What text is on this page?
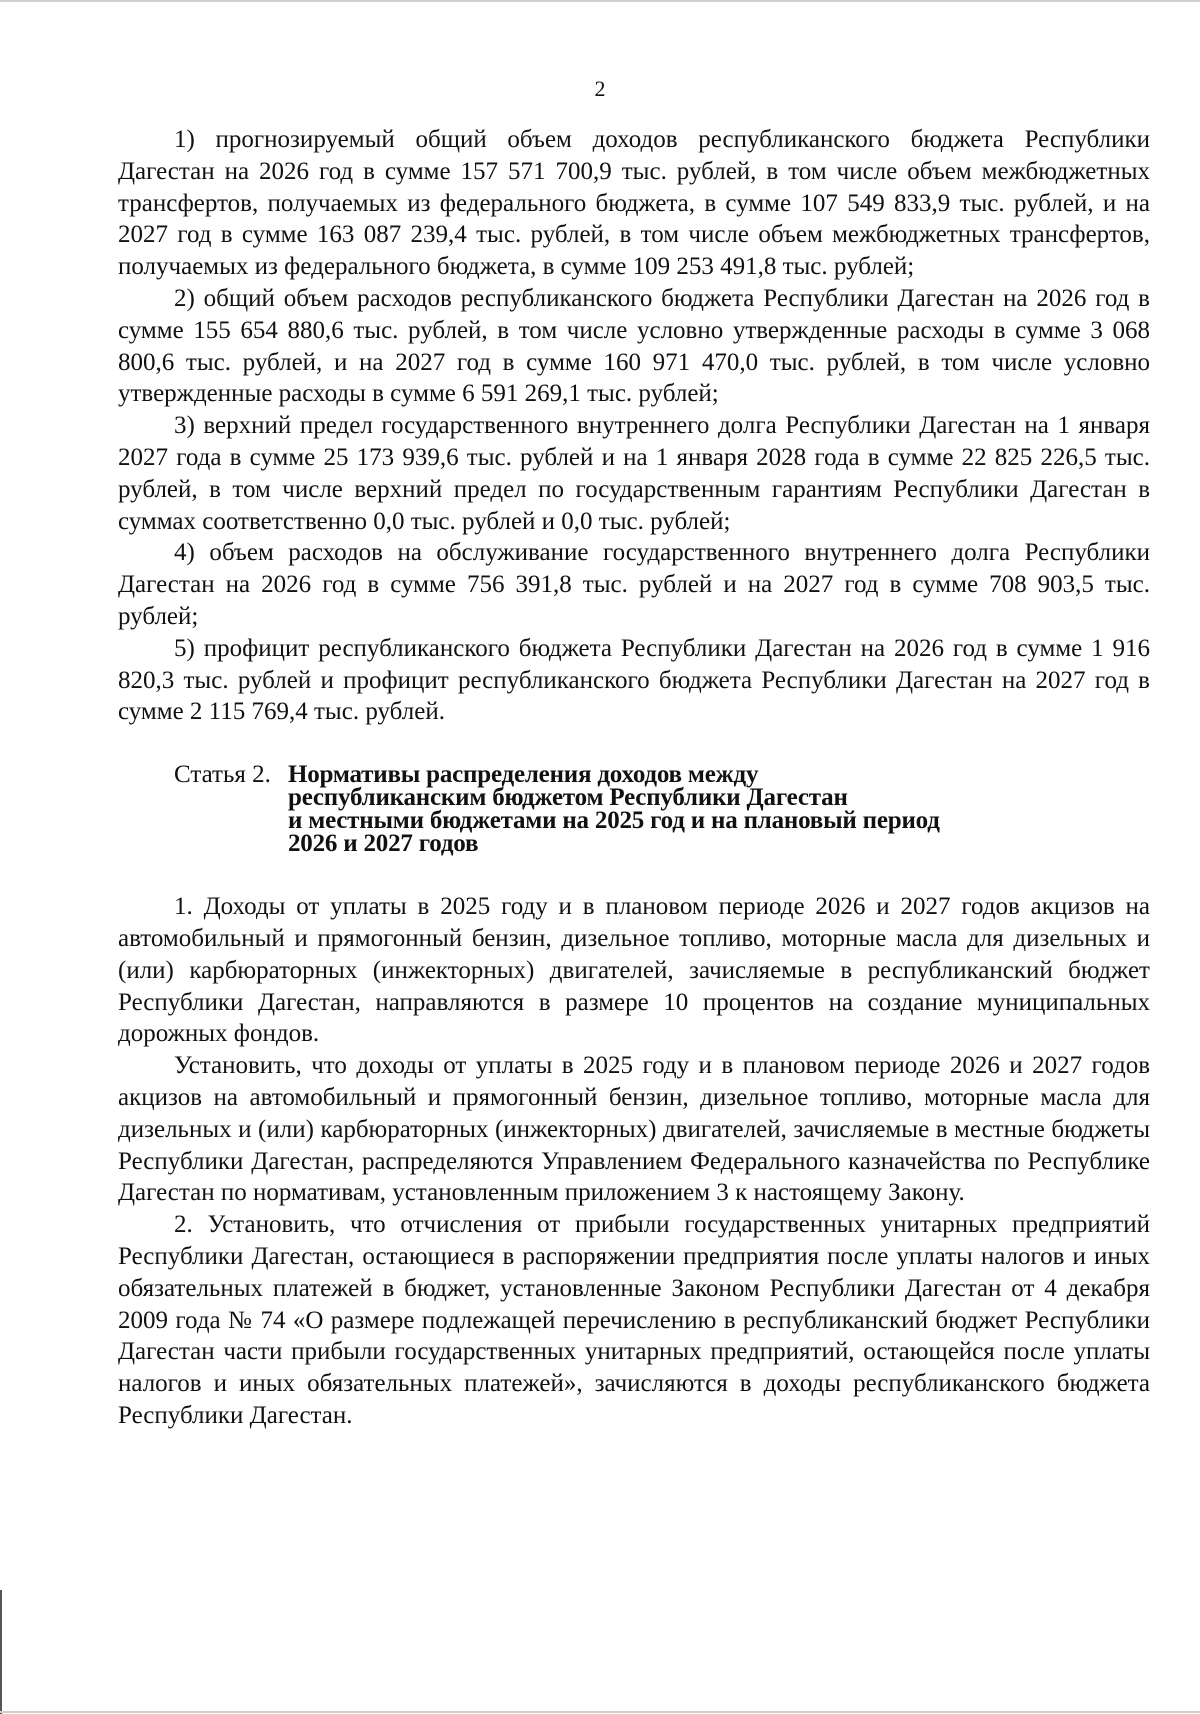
2

1) прогнозируемый общий объем доходов республиканского бюджета Республики Дагестан на 2026 год в сумме 157 571 700,9 тыс. рублей, в том числе объем межбюджетных трансфертов, получаемых из федерального бюджета, в сумме 107 549 833,9 тыс. рублей, и на 2027 год в сумме 163 087 239,4 тыс. рублей, в том числе объем межбюджетных трансфертов, получаемых из федерального бюджета, в сумме 109 253 491,8 тыс. рублей;

2) общий объем расходов республиканского бюджета Республики Дагестан на 2026 год в сумме 155 654 880,6 тыс. рублей, в том числе условно утвержденные расходы в сумме 3 068 800,6 тыс. рублей, и на 2027 год в сумме 160 971 470,0 тыс. рублей, в том числе условно утвержденные расходы в сумме 6 591 269,1 тыс. рублей;

3) верхний предел государственного внутреннего долга Республики Дагестан на 1 января 2027 года в сумме 25 173 939,6 тыс. рублей и на 1 января 2028 года в сумме 22 825 226,5 тыс. рублей, в том числе верхний предел по государственным гарантиям Республики Дагестан в суммах соответственно 0,0 тыс. рублей и 0,0 тыс. рублей;

4) объем расходов на обслуживание государственного внутреннего долга Республики Дагестан на 2026 год в сумме 756 391,8 тыс. рублей и на 2027 год в сумме 708 903,5 тыс. рублей;

5) профицит республиканского бюджета Республики Дагестан на 2026 год в сумме 1 916 820,3 тыс. рублей и профицит республиканского бюджета Республики Дагестан на 2027 год в сумме 2 115 769,4 тыс. рублей.

Статья 2. Нормативы распределения доходов между
республиканским бюджетом Республики Дагестан
и местными бюджетами на 2025 год и на плановый период
2026 и 2027 годов

1. Доходы от уплаты в 2025 году и в плановом периоде 2026 и 2027 годов акцизов на автомобильный и прямогонный бензин, дизельное топливо, моторные масла для дизельных и (или) карбюраторных (инжекторных) двигателей, зачисляемые в республиканский бюджет Республики Дагестан, направляются в размере 10 процентов на создание муниципальных дорожных фондов.

Установить, что доходы от уплаты в 2025 году и в плановом периоде 2026 и 2027 годов акцизов на автомобильный и прямогонный бензин, дизельное топливо, моторные масла для дизельных и (или) карбюраторных (инжекторных) двигателей, зачисляемые в местные бюджеты Республики Дагестан, распределяются Управлением Федерального казначейства по Республике Дагестан по нормативам, установленным приложением 3 к настоящему Закону.

2. Установить, что отчисления от прибыли государственных унитарных предприятий Республики Дагестан, остающиеся в распоряжении предприятия после уплаты налогов и иных обязательных платежей в бюджет, установленные Законом Республики Дагестан от 4 декабря 2009 года № 74 «О размере подлежащей перечислению в республиканский бюджет Республики Дагестан части прибыли государственных унитарных предприятий, остающейся после уплаты налогов и иных обязательных платежей», зачисляются в доходы республиканского бюджета Республики Дагестан.
